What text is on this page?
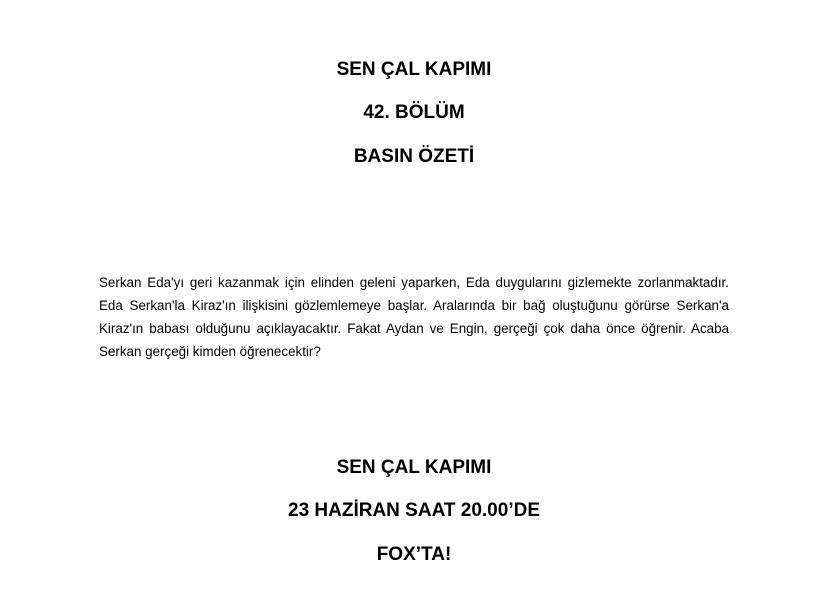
SEN ÇAL KAPIMI
42. BÖLÜM
BASIN ÖZETİ

Serkan Eda'yı geri kazanmak için elinden geleni yaparken, Eda duygularını gizlemekte zorlanmaktadır. Eda Serkan'la Kiraz'ın ilişkisini gözlemlemeye başlar. Aralarında bir bağ oluştuğunu görürse Serkan'a Kiraz'ın babası olduğunu açıklayacaktır. Fakat Aydan ve Engin, gerçeği çok daha önce öğrenir. Acaba Serkan gerçeği kimden öğrenecektir?

SEN ÇAL KAPIMI
23 HAZİRAN SAAT 20.00’DE
FOX’TA!
